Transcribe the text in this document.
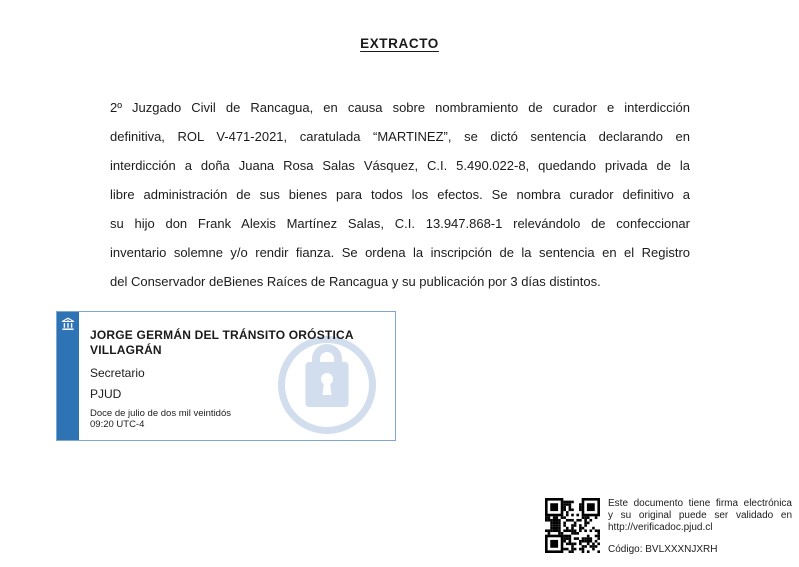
EXTRACTO
2º Juzgado Civil de Rancagua, en causa sobre nombramiento de curador e interdicción
definitiva, ROL V-471-2021, caratulada “MARTINEZ”, se dictó sentencia declarando en
interdicción a doña Juana Rosa Salas Vásquez, C.I. 5.490.022-8, quedando privada de la
libre administración de sus bienes para todos los efectos. Se nombra curador definitivo a
su hijo don Frank Alexis Martínez Salas, C.I. 13.947.868-1 relevándolo de confeccionar
inventario solemne y/o rendir fianza. Se ordena la inscripción de la sentencia en el Registro
del Conservador deBienes Raíces de Rancagua y su publicación por 3 días distintos.
JORGE GERMÁN DEL TRÁNSITO ORÓSTICA
VILLAGRÁN
Secretario
PJUD
Doce de julio de dos mil veintidós
09:20 UTC-4
Este documento tiene firma electrónica
y su original puede ser validado en
http://verificadoc.pjud.cl
Código: BVLXXXNJXRH
